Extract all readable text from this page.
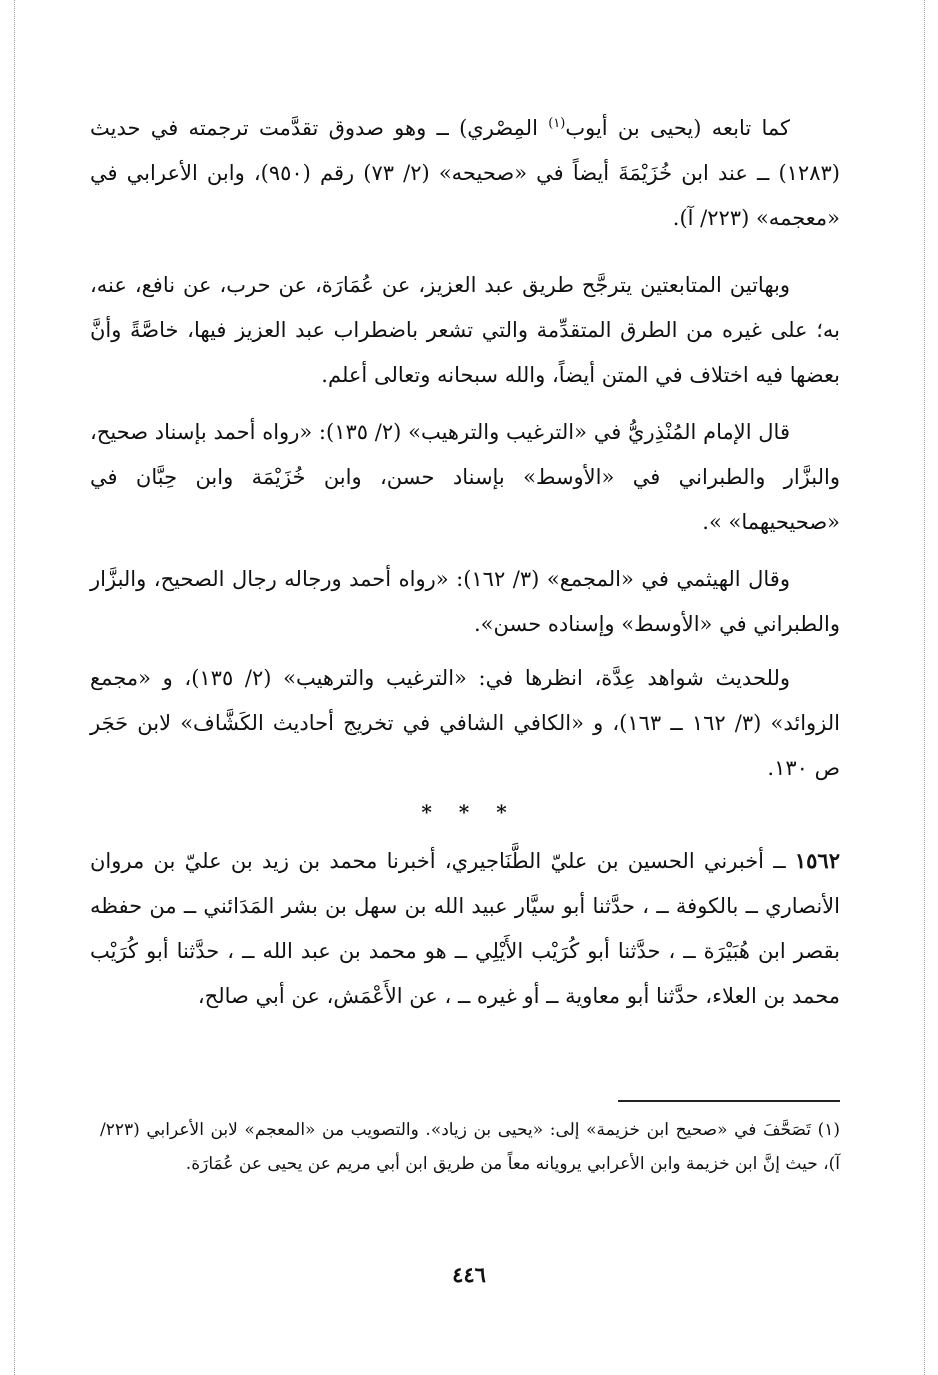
كما تابعه (يحيى بن أيوب$^{(١)}$ المِصْري) ــ وهو صدوق تقدَّمت ترجمته في حديث (١٢٨٣) ــ عند ابن خُزَيْمَةَ أيضاً في «صحيحه» (٢/ ٧٣) رقم (٩٥٠)، وابن الأعرابي في «معجمه» (٢٢٣/ آ).

وبهاتين المتابعتين يترجَّح طريق عبد العزيز، عن عُمَارَة، عن حرب، عن نافع، عنه، به؛ على غيره من الطرق المتقدِّمة والتي تشعر باضطراب عبد العزيز فيها، خاصَّةً وأنَّ بعضها فيه اختلاف في المتن أيضاً، والله سبحانه وتعالى أعلم.

قال الإمام المُنْذِريُّ في «الترغيب والترهيب» (٢/ ١٣٥): «رواه أحمد بإسناد صحيح، والبزَّار والطبراني في «الأوسط» بإسناد حسن، وابن خُزَيْمَة وابن حِبَّان في «صحيحيهما» ».

وقال الهيثمي في «المجمع» (٣/ ١٦٢): «رواه أحمد ورجاله رجال الصحيح، والبزَّار والطبراني في «الأوسط» وإسناده حسن».

وللحديث شواهد عِدَّة، انظرها في: «الترغيب والترهيب» (٢/ ١٣٥)، و «مجمع الزوائد» (٣/ ١٦٢ ــ ١٦٣)، و «الكافي الشافي في تخريج أحاديث الكَشَّاف» لابن حَجَر ص ١٣٠.

* * *

١٥٦٢ ــ أخبرني الحسين بن عليّ الطَّنَاجيري، أخبرنا محمد بن زيد بن عليّ بن مروان الأنصاري ــ بالكوفة ــ ، حدَّثنا أبو سيَّار عبيد الله بن سهل بن بشر المَدَائني ــ من حفظه بقصر ابن هُبَيْرَة ــ ، حدَّثنا أبو كُرَيْب الأَيْلِي ــ هو محمد بن عبد الله ــ ، حدَّثنا أبو كُرَيْب محمد بن العلاء، حدَّثنا أبو معاوية ــ أو غيره ــ ، عن الأَعْمَش، عن أبي صالح،

(١) تَصَحَّفَ في «صحيح ابن خزيمة» إلى: «يحيى بن زياد». والتصويب من «المعجم» لابن الأعرابي (٢٢٣/ آ)، حيث إنَّ ابن خزيمة وابن الأعرابي يرويانه معاً من طريق ابن أبي مريم عن يحيى عن عُمَارَة.

٤٤٦
